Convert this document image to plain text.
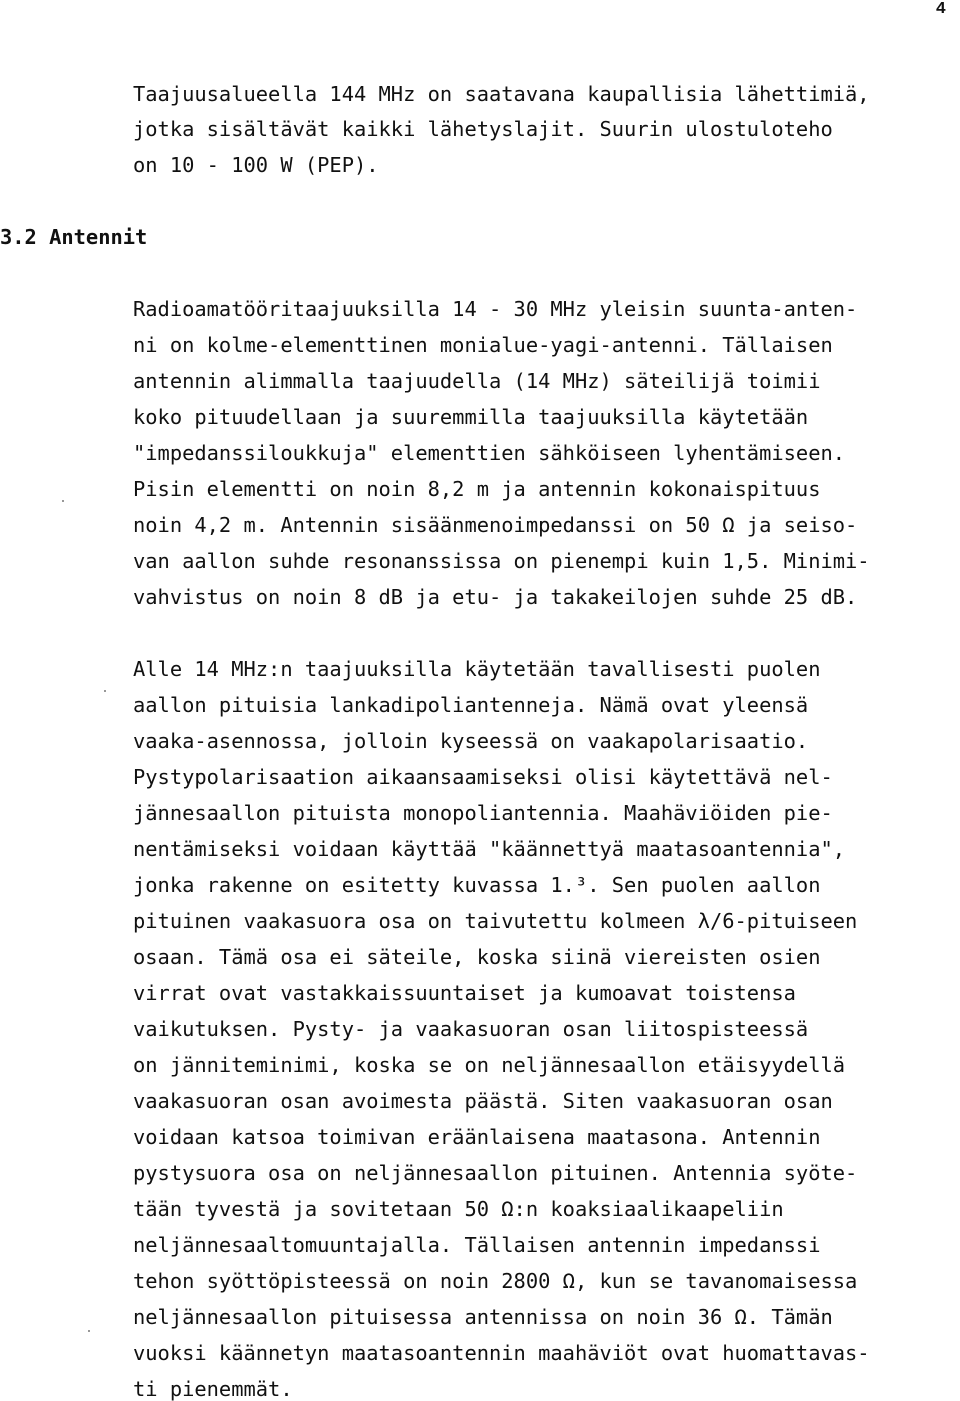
4

Taajuusalueella 144 MHz on saatavana kaupallisia lähettimiä,

jotka sisältävät kaikki lähetyslajit. Suurin ulostuloteho

on 10 - 100 W (PEP).

3.2 Antennit

Radioamatööritaajuuksilla 14 - 30 MHz yleisin suunta-anten-

ni on kolme-elementtinen monialue-yagi-antenni. Tällaisen

antennin alimmalla taajuudella (14 MHz) säteilijä toimii

koko pituudellaan ja suuremmilla taajuuksilla käytetään

"impedanssiloukkuja" elementtien sähköiseen lyhentämiseen.

Pisin elementti on noin 8,2 m ja antennin kokonaispituus

noin 4,2 m. Antennin sisäänmenoimpedanssi on 50 Ω ja seiso-

van aallon suhde resonanssissa on pienempi kuin 1,5. Minimi-

vahvistus on noin 8 dB ja etu- ja takakeilojen suhde 25 dB.

Alle 14 MHz:n taajuuksilla käytetään tavallisesti puolen

aallon pituisia lankadipoliantenneja. Nämä ovat yleensä

vaaka-asennossa, jolloin kyseessä on vaakapolarisaatio.

Pystypolarisaation aikaansaamiseksi olisi käytettävä nel-

jännesaallon pituista monopoliantennia. Maahäviöiden pie-

nentämiseksi voidaan käyttää "käännettyä maatasoantennia",

jonka rakenne on esitetty kuvassa 1.³. Sen puolen aallon

pituinen vaakasuora osa on taivutettu kolmeen λ/6-pituiseen

osaan. Tämä osa ei säteile, koska siinä viereisten osien

virrat ovat vastakkaissuuntaiset ja kumoavat toistensa

vaikutuksen. Pysty- ja vaakasuoran osan liitospisteessä

on jänniteminimi, koska se on neljännesaallon etäisyydellä

vaakasuoran osan avoimesta päästä. Siten vaakasuoran osan

voidaan katsoa toimivan eräänlaisena maatasona. Antennin

pystysuora osa on neljännesaallon pituinen. Antennia syöte-

tään tyvestä ja sovitetaan 50 Ω:n koaksiaalikaapeliin

neljännesaaltomuuntajalla. Tällaisen antennin impedanssi

tehon syöttöpisteessä on noin 2800 Ω, kun se tavanomaisessa

neljännesaallon pituisessa antennissa on noin 36 Ω. Tämän

vuoksi käännetyn maatasoantennin maahäviöt ovat huomattavas-

ti pienemmät.
